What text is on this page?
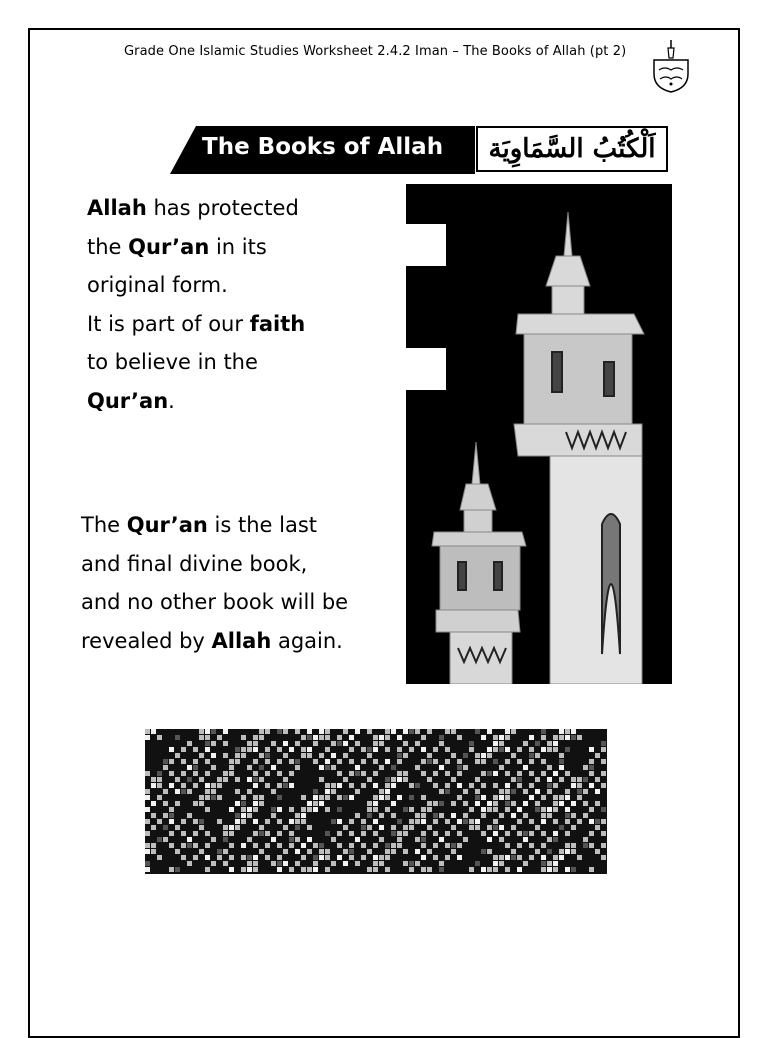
Grade One Islamic Studies Worksheet 2.4.2 Iman – The Books of Allah (pt 2)
The Books of Allah	اَلْكُتُبُ السَّمَاوِيَة
Allah has protected
the Qur’an in its
original form.
It is part of our faith
to believe in the
Qur’an.
The Qur’an is the last
and final divine book,
and no other book will be
revealed by Allah again.
